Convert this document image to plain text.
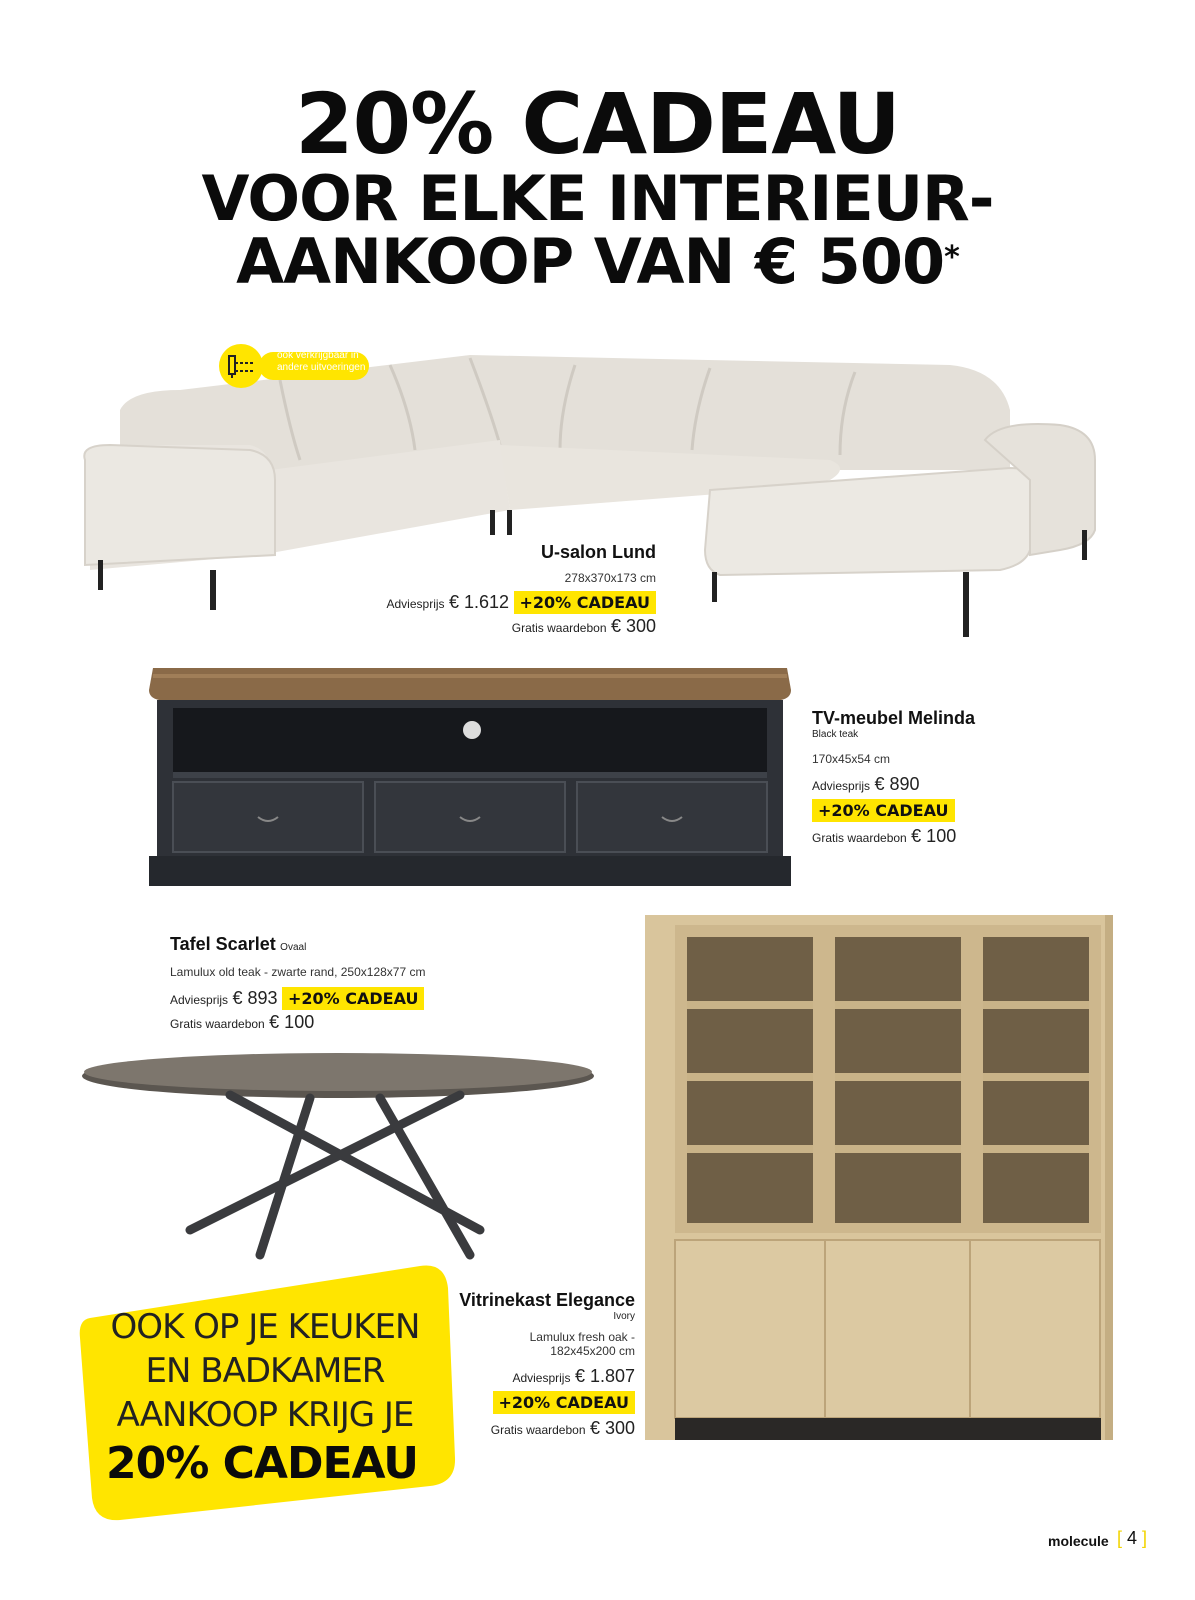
20% CADEAU
VOOR ELKE INTERIEUR-
AANKOOP VAN € 500*
ook verkrijgbaar in
andere uitvoeringen
U-salon Lund
278x370x173 cm
Adviesprijs € 1.612 +20% CADEAU
Gratis waardebon € 300
TV-meubel Melinda
Black teak
170x45x54 cm
Adviesprijs € 890
+20% CADEAU
Gratis waardebon € 100
Tafel Scarlet Ovaal
Lamulux old teak - zwarte rand, 250x128x77 cm
Adviesprijs € 893 +20% CADEAU
Gratis waardebon € 100
Vitrinekast Elegance
Ivory
Lamulux fresh oak -
182x45x200 cm
Adviesprijs € 1.807
+20% CADEAU
Gratis waardebon € 300
OOK OP JE KEUKEN
EN BADKAMER
AANKOOP KRIJG JE
20% CADEAU
molecule [ 4 ]
